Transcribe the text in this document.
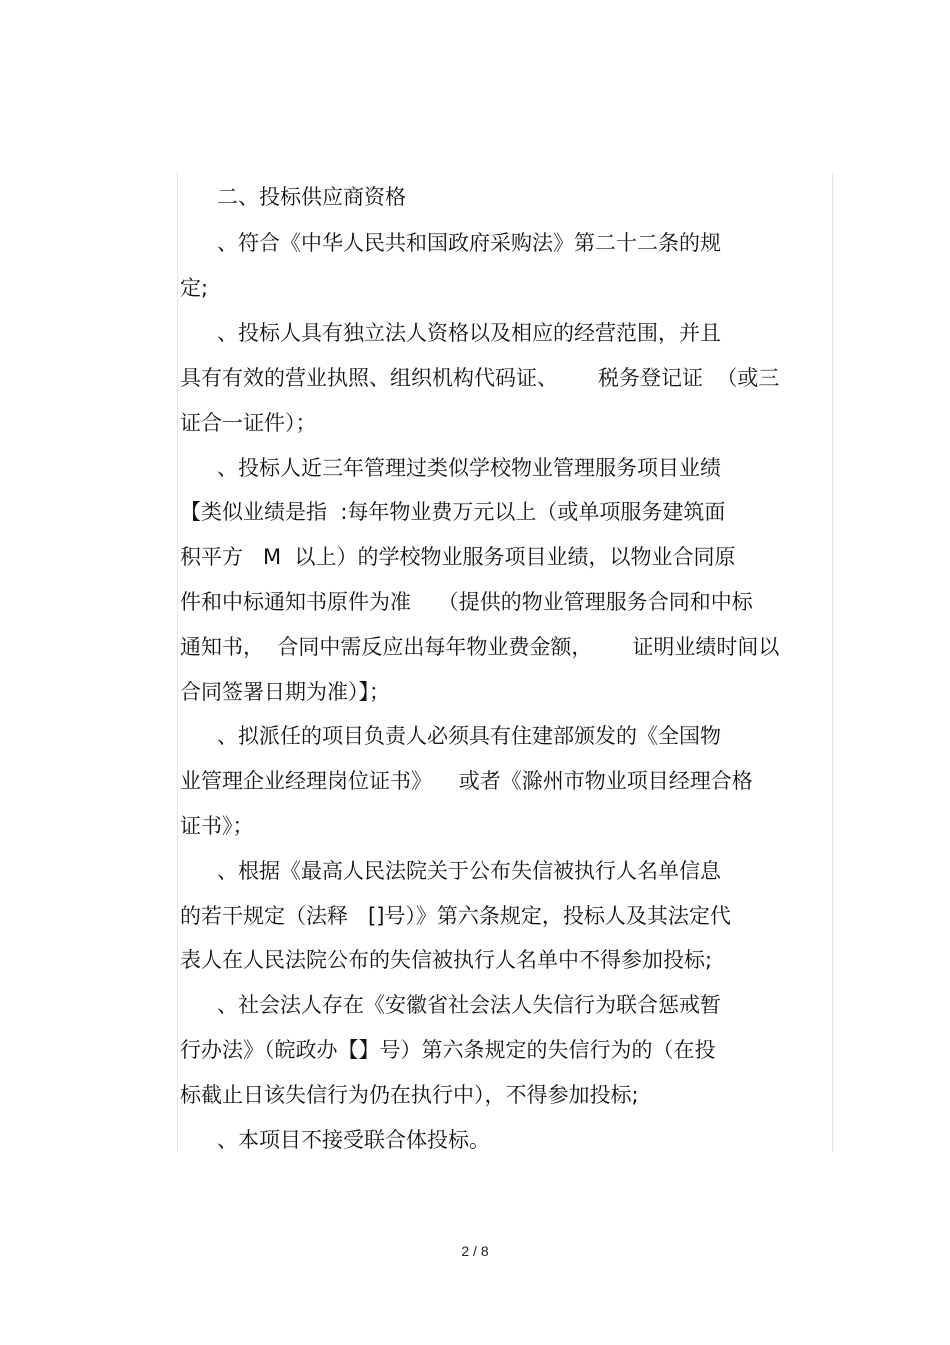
二、投标供应商资格
、符合《中华人民共和国政府采购法》第二十二条的规
定;
、投标人具有独立法人资格以及相应的经营范围，并且
具有有效的营业执照、组织机构代码证、      税务登记证  （或三
证合一证件）；
、投标人近三年管理过类似学校物业管理服务项目业绩
【类似业绩是指  :每年物业费万元以上（或单项服务建筑面
积平方   M  以上）的学校物业服务项目业绩，以物业合同原
件和中标通知书原件为准    （提供的物业管理服务合同和中标
通知书，  合同中需反应出每年物业费金额，      证明业绩时间以
合同签署日期为准）】；
、拟派任的项目负责人必须具有住建部颁发的《全国物
业管理企业经理岗位证书》    或者《滁州市物业项目经理合格
证书》；
、根据《最高人民法院关于公布失信被执行人名单信息
的若干规定（法释   []号）》第六条规定，投标人及其法定代
表人在人民法院公布的失信被执行人名单中不得参加投标;
、社会法人存在《安徽省社会法人失信行为联合惩戒暂
行办法》（皖政办【】号）第六条规定的失信行为的（在投
标截止日该失信行为仍在执行中），不得参加投标;
、本项目不接受联合体投标。
2 / 8
